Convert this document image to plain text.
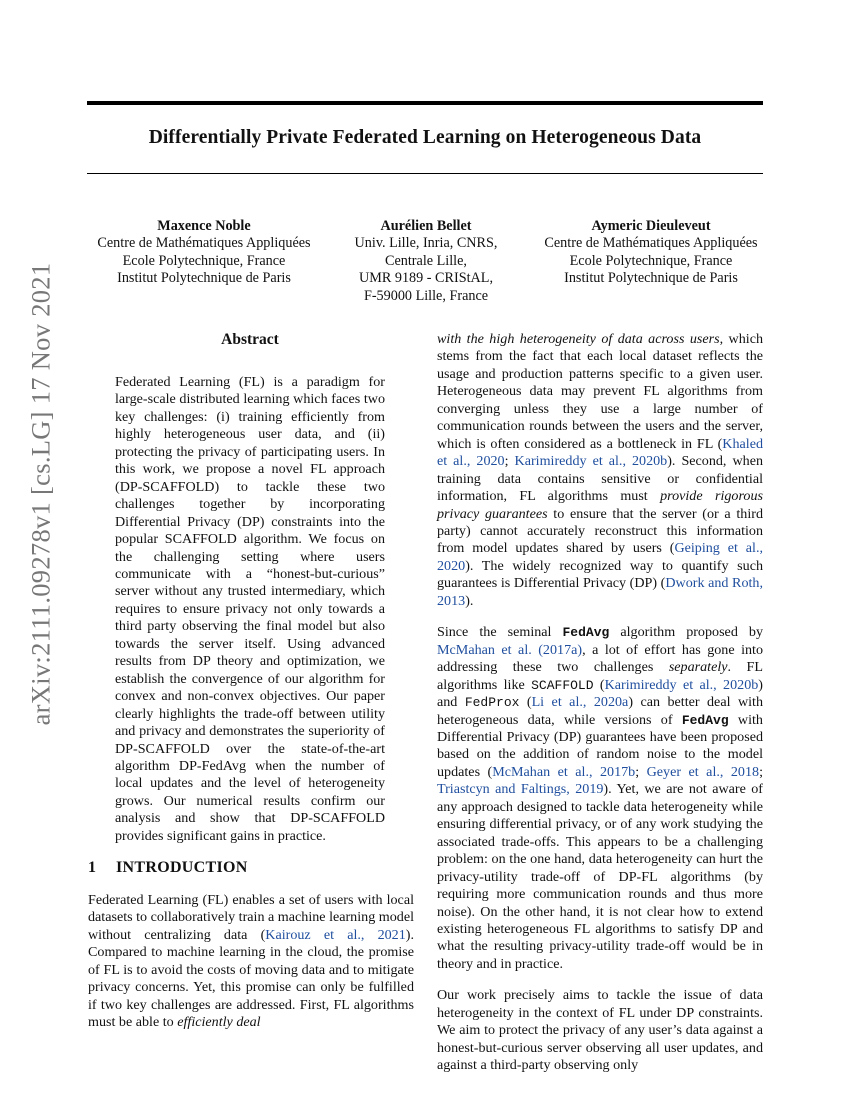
Differentially Private Federated Learning on Heterogeneous Data
Maxence Noble
Centre de Mathématiques Appliquées
Ecole Polytechnique, France
Institut Polytechnique de Paris
Aurélien Bellet
Univ. Lille, Inria, CNRS,
Centrale Lille,
UMR 9189 - CRIStAL,
F-59000 Lille, France
Aymeric Dieuleveut
Centre de Mathématiques Appliquées
Ecole Polytechnique, France
Institut Polytechnique de Paris
arXiv:2111.09278v1 [cs.LG] 17 Nov 2021	Abstract
Federated Learning (FL) is a paradigm for large-scale distributed learning which faces two key challenges: (i) training efficiently from highly heterogeneous user data, and (ii) protecting the privacy of participating users. In this work, we propose a novel FL approach (DP-SCAFFOLD) to tackle these two challenges together by incorporating Differential Privacy (DP) constraints into the popular SCAFFOLD algorithm. We focus on the challenging setting where users communicate with a “honest-but-curious” server without any trusted intermediary, which requires to ensure privacy not only towards a third party observing the final model but also towards the server itself. Using advanced results from DP theory and optimization, we establish the convergence of our algorithm for convex and non-convex objectives. Our paper clearly highlights the trade-off between utility and privacy and demonstrates the superiority of DP-SCAFFOLD over the state-of-the-art algorithm DP-FedAvg when the number of local updates and the level of heterogeneity grows. Our numerical results confirm our analysis and show that DP-SCAFFOLD provides significant gains in practice.
1 INTRODUCTION

Federated Learning (FL) enables a set of users with local datasets to collaboratively train a machine learning model without centralizing data (Kairouz et al., 2021). Compared to machine learning in the cloud, the promise of FL is to avoid the costs of moving data and to mitigate privacy concerns. Yet, this promise can only be fulfilled if two key challenges are addressed. First, FL algorithms must be able to efficiently deal

with the high heterogeneity of data across users, which stems from the fact that each local dataset reflects the usage and production patterns specific to a given user. Heterogeneous data may prevent FL algorithms from converging unless they use a large number of communication rounds between the users and the server, which is often considered as a bottleneck in FL (Khaled et al., 2020; Karimireddy et al., 2020b). Second, when training data contains sensitive or confidential information, FL algorithms must provide rigorous privacy guarantees to ensure that the server (or a third party) cannot accurately reconstruct this information from model updates shared by users (Geiping et al., 2020). The widely recognized way to quantify such guarantees is Differential Privacy (DP) (Dwork and Roth, 2013).

Since the seminal FedAvg algorithm proposed by McMahan et al. (2017a), a lot of effort has gone into addressing these two challenges separately. FL algorithms like SCAFFOLD (Karimireddy et al., 2020b) and FedProx (Li et al., 2020a) can better deal with heterogeneous data, while versions of FedAvg with Differential Privacy (DP) guarantees have been proposed based on the addition of random noise to the model updates (McMahan et al., 2017b; Geyer et al., 2018; Triastcyn and Faltings, 2019). Yet, we are not aware of any approach designed to tackle data heterogeneity while ensuring differential privacy, or of any work studying the associated trade-offs. This appears to be a challenging problem: on the one hand, data heterogeneity can hurt the privacy-utility trade-off of DP-FL algorithms (by requiring more communication rounds and thus more noise). On the other hand, it is not clear how to extend existing heterogeneous FL algorithms to satisfy DP and what the resulting privacy-utility trade-off would be in theory and in practice.

Our work precisely aims to tackle the issue of data heterogeneity in the context of FL under DP constraints. We aim to protect the privacy of any user’s data against a honest-but-curious server observing all user updates, and against a third-party observing only
